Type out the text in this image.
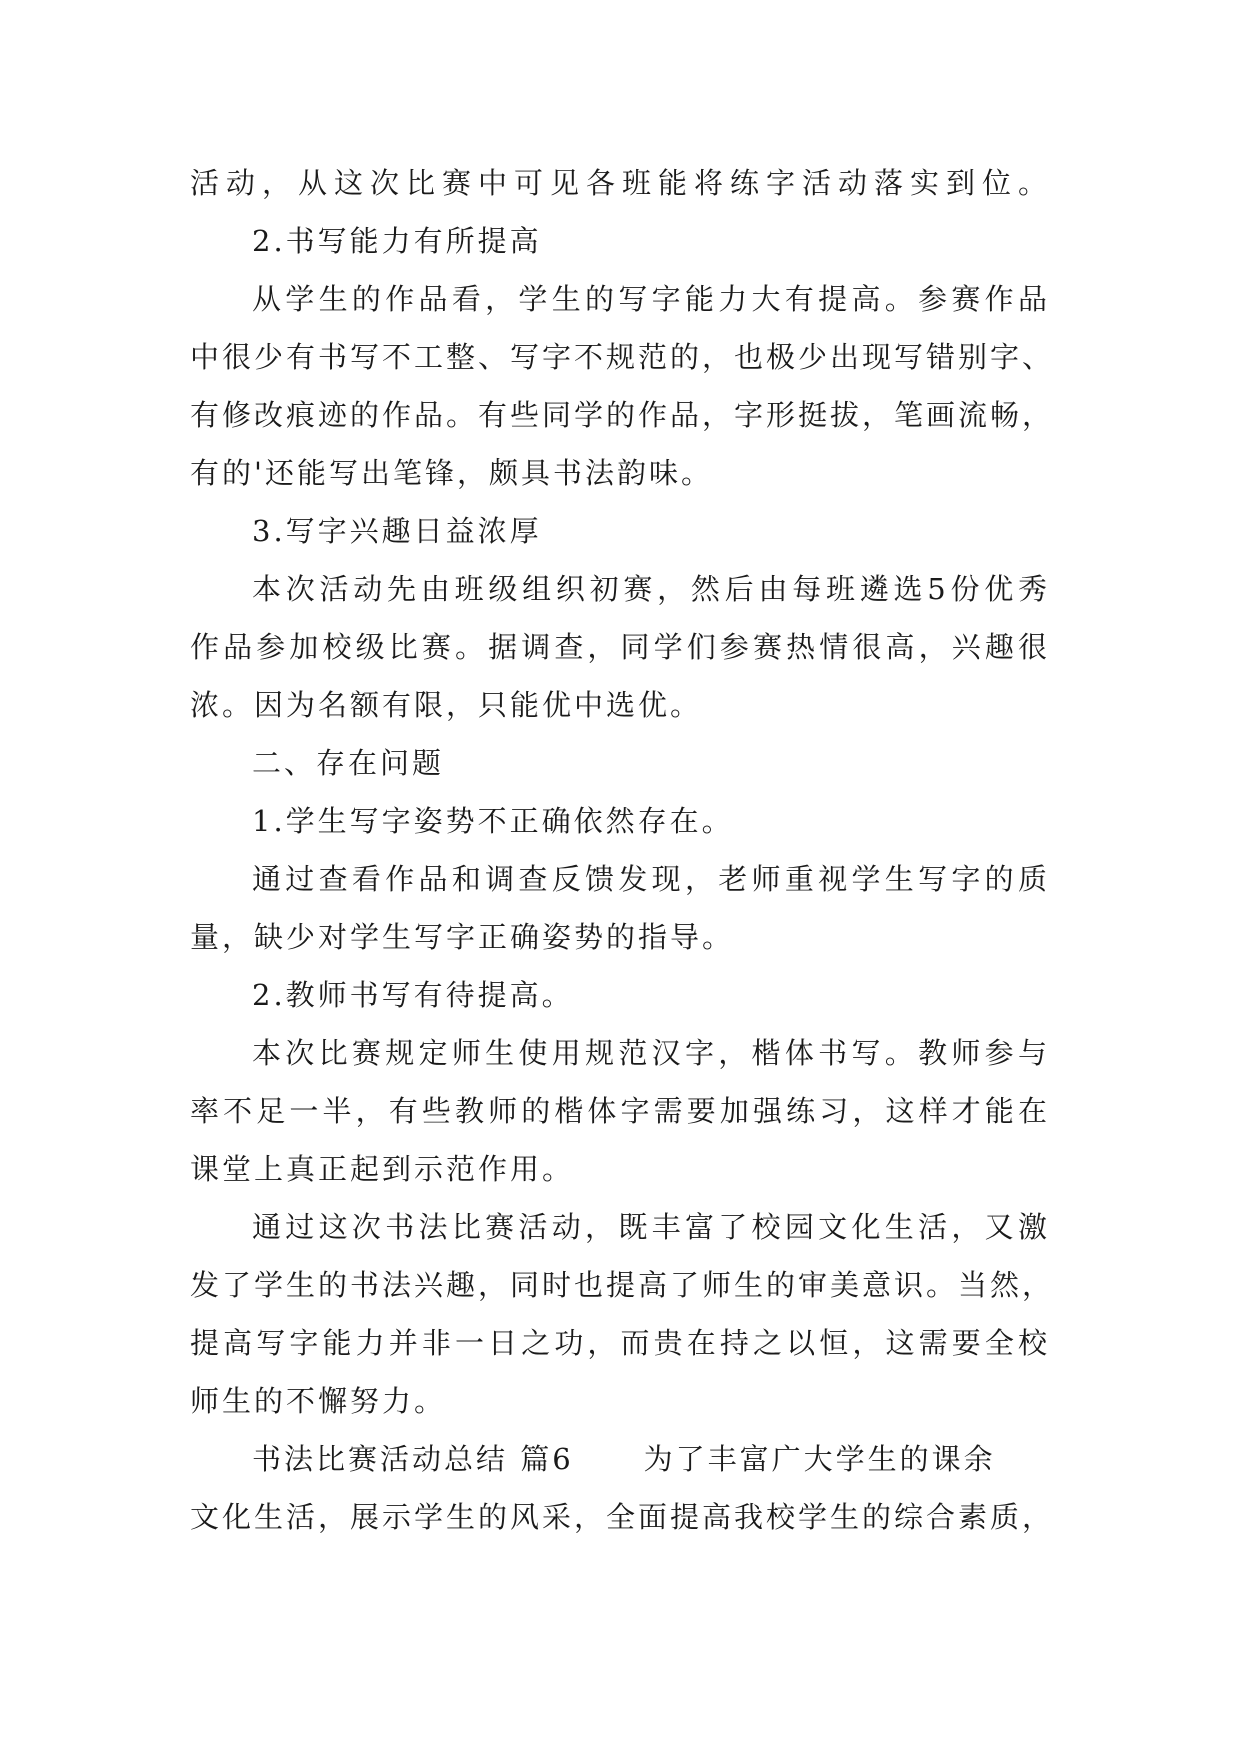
活动，从这次比赛中可见各班能将练字活动落实到位。
2.书写能力有所提高
从学生的作品看，学生的写字能力大有提高。参赛作品
中很少有书写不工整、写字不规范的，也极少出现写错别字、
有修改痕迹的作品。有些同学的作品，字形挺拔，笔画流畅，
有的'还能写出笔锋，颇具书法韵味。
3.写字兴趣日益浓厚
本次活动先由班级组织初赛，然后由每班遴选5份优秀
作品参加校级比赛。据调查，同学们参赛热情很高，兴趣很
浓。因为名额有限，只能优中选优。
二、存在问题
1.学生写字姿势不正确依然存在。
通过查看作品和调查反馈发现，老师重视学生写字的质
量，缺少对学生写字正确姿势的指导。
2.教师书写有待提高。
本次比赛规定师生使用规范汉字，楷体书写。教师参与
率不足一半，有些教师的楷体字需要加强练习，这样才能在
课堂上真正起到示范作用。
通过这次书法比赛活动，既丰富了校园文化生活，又激
发了学生的书法兴趣，同时也提高了师生的审美意识。当然，
提高写字能力并非一日之功，而贵在持之以恒，这需要全校
师生的不懈努力。
书法比赛活动总结 篇6 为了丰富广大学生的课余
文化生活，展示学生的风采，全面提高我校学生的综合素质，
